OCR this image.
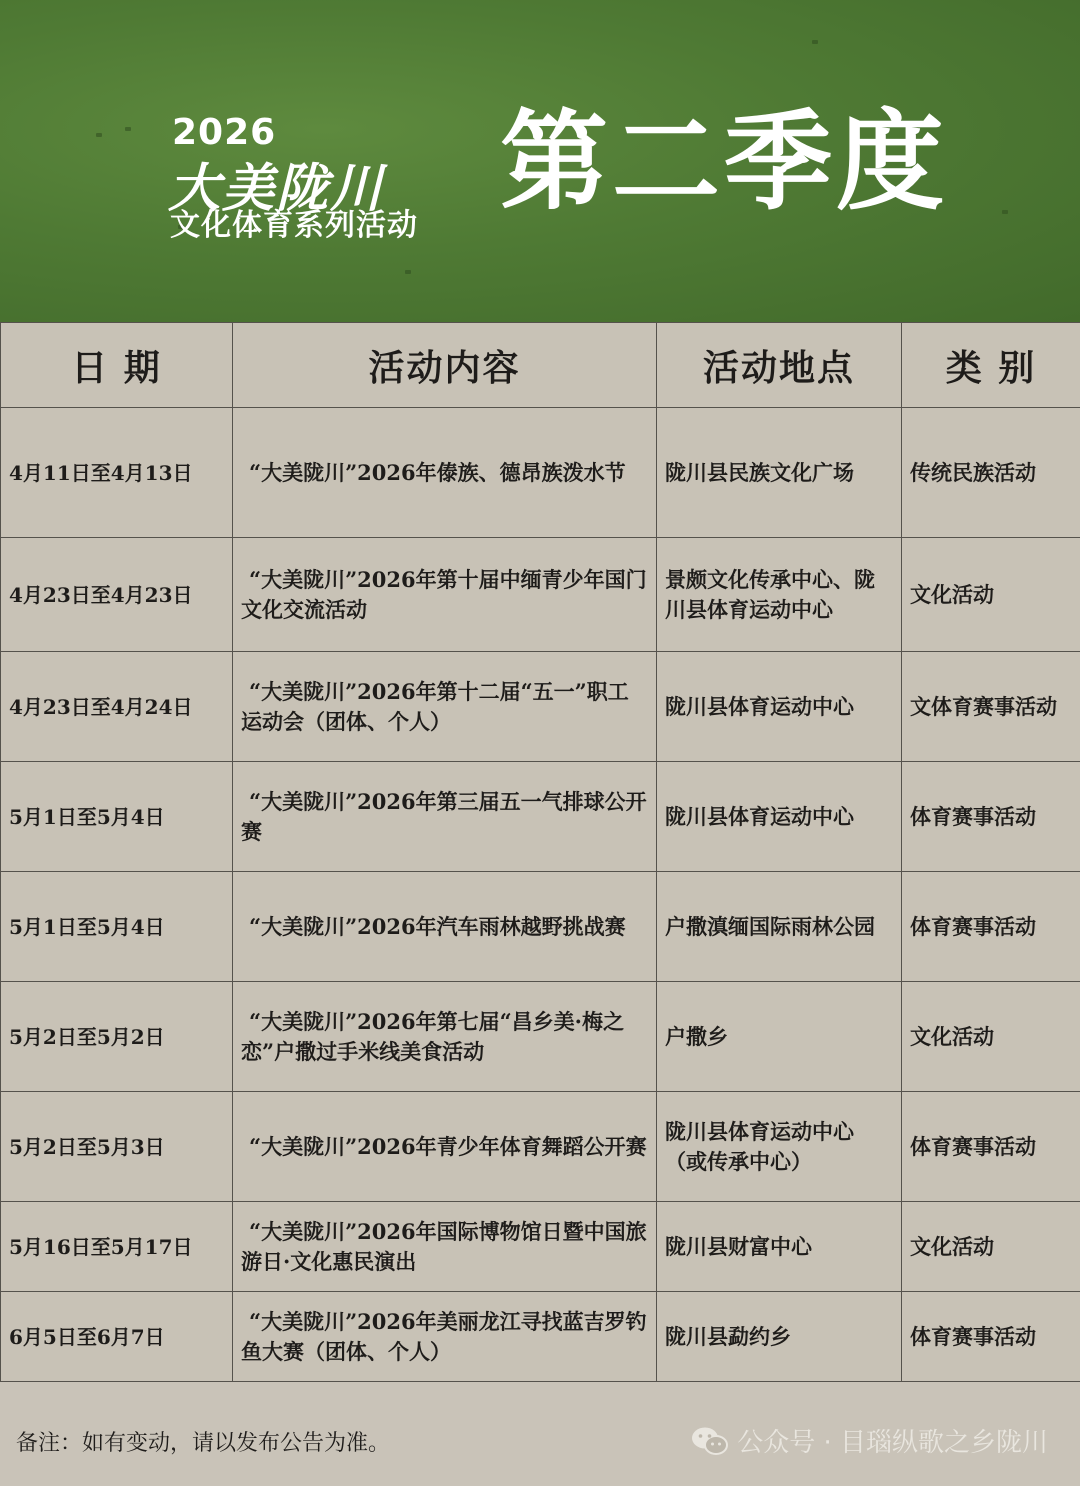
2026
大美陇川
文化体育系列活动
第二季度
日 期	活动内容	活动地点	类 别
4月11日至4月13日	“大美陇川”2026年傣族、德昂族泼水节	陇川县民族文化广场	传统民族活动
4月23日至4月23日	“大美陇川”2026年第十届中缅青少年国门文化交流活动	景颇文化传承中心、陇川县体育运动中心	文化活动
4月23日至4月24日	“大美陇川”2026年第十二届“五一”职工运动会（团体、个人）	陇川县体育运动中心	文体育赛事活动
5月1日至5月4日	“大美陇川”2026年第三届五一气排球公开赛	陇川县体育运动中心	体育赛事活动
5月1日至5月4日	“大美陇川”2026年汽车雨林越野挑战赛	户撒滇缅国际雨林公园	体育赛事活动
5月2日至5月2日	“大美陇川”2026年第七届“昌乡美·梅之恋”户撒过手米线美食活动	户撒乡	文化活动
5月2日至5月3日	“大美陇川”2026年青少年体育舞蹈公开赛	陇川县体育运动中心（或传承中心）	体育赛事活动
5月16日至5月17日	“大美陇川”2026年国际博物馆日暨中国旅游日·文化惠民演出	陇川县财富中心	文化活动
6月5日至6月7日	“大美陇川”2026年美丽龙江寻找蓝吉罗钓鱼大赛（团体、个人）	陇川县勐约乡	体育赛事活动
备注：如有变动，请以发布公告为准。	公众号 · 目瑙纵歌之乡陇川
